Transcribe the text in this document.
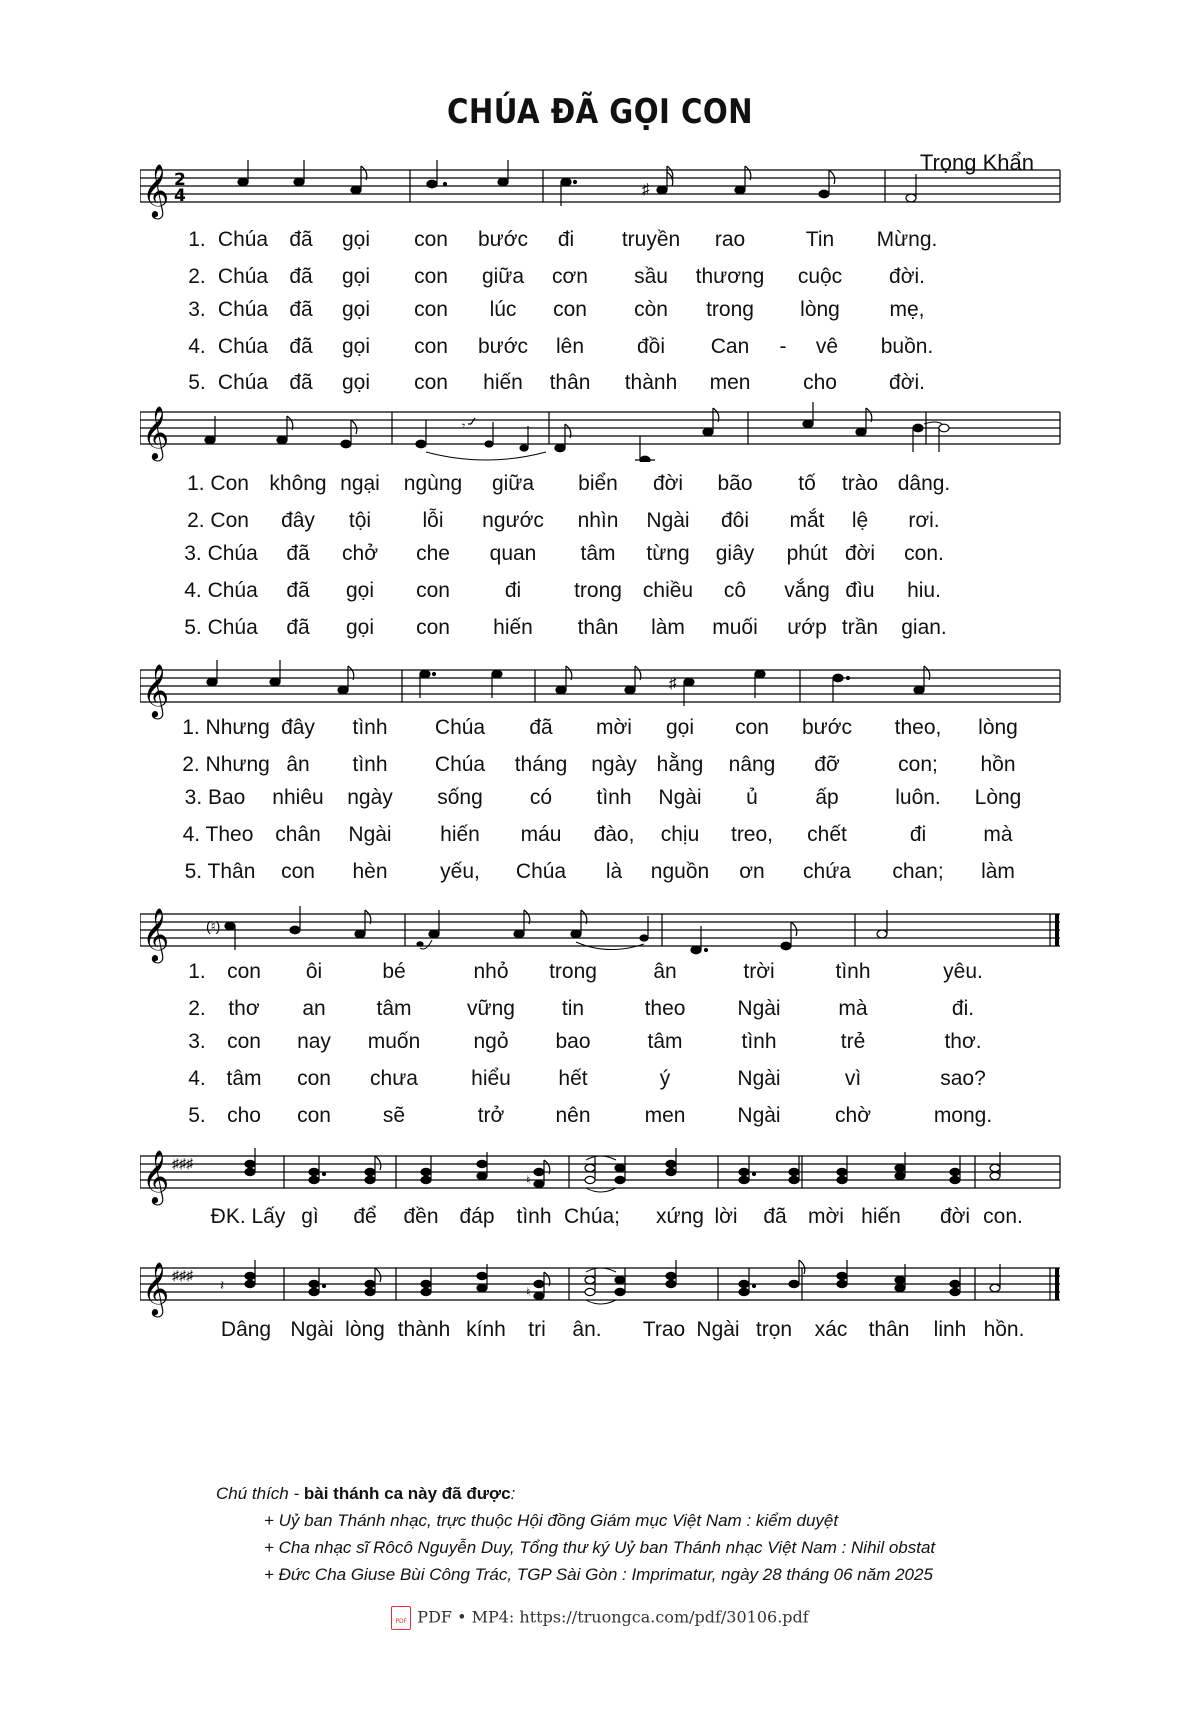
CHÚA ĐÃ GỌI CON
Trọng Khẩn
𝄞 2
4	♯
1. Chúa đã gọi con bước đi truyền rao	Tin Mừng.
2. Chúa đã gọi con giữa cơn sầu thương cuộc đời.
3. Chúa đã gọi con lúc con còn trong lòng mẹ,
4. Chúa đã gọi con bước lên	đồi Can - vê buồn.
5. Chúa đã gọi con hiến thân thành men	cho đời.
𝄞	𝄾
1. Con không ngại ngùng giữa biển đời bão tố trào dâng.
2. Con đây tội lỗi ngước nhìn Ngài đôi mắt lệ rơi.
3. Chúa đã chở che quan tâm từng giây phút đời con.
4. Chúa đã gọi con	đi	trong chiều cô vắng đìu hiu.
5. Chúa đã gọi con hiến thân làm muối ướp trần gian.
𝄞	♯
1. Nhưng đây tình Chúa đã mời gọi con bước theo, lòng
2. Nhưng ân tình Chúa tháng ngày hằng nâng đỡ	con; hồn
3. Bao nhiêu ngày sống có tình Ngài ủ	ấp	luôn. Lòng
4. Theo chân Ngài hiến máu đào, chịu treo, chết	đi	mà
5. Thân con hèn	yếu, Chúa là nguồn ơn chứa chan; làm
𝄞	(♮)
1. con ôi	bé	nhỏ trong	ân	trời	tình	yêu.
2. thơ an tâm	vững tin	theo Ngài	mà	đi.
3. con nay muốn	ngỏ bao	tâm	tình	trẻ	thơ.
4. tâm con chưa	hiểu hết	ý	Ngài	vì	sao?
5. cho con sẽ	trở nên	men Ngài	chờ	mong.
𝄞 ♯♯♯
♮
ĐK. Lấy gì để đền đáp tình Chúa; xứng lời đã mời hiến đời con.
𝄞 ♯♯♯
𝄽	♮
Dâng Ngài lòng thành kính tri ân. Trao Ngài trọn xác thân linh hồn.
Chú thích - bài thánh ca này đã được:
+ Uỷ ban Thánh nhạc, trực thuộc Hội đồng Giám mục Việt Nam : kiểm duyệt
+ Cha nhạc sĩ Rôcô Nguyễn Duy, Tổng thư ký Uỷ ban Thánh nhạc Việt Nam : Nihil obstat
+ Đức Cha Giuse Bùi Công Trác, TGP Sài Gòn : Imprimatur, ngày 28 tháng 06 năm 2025
PDF PDF • MP4: https://truongca.com/pdf/30106.pdf
